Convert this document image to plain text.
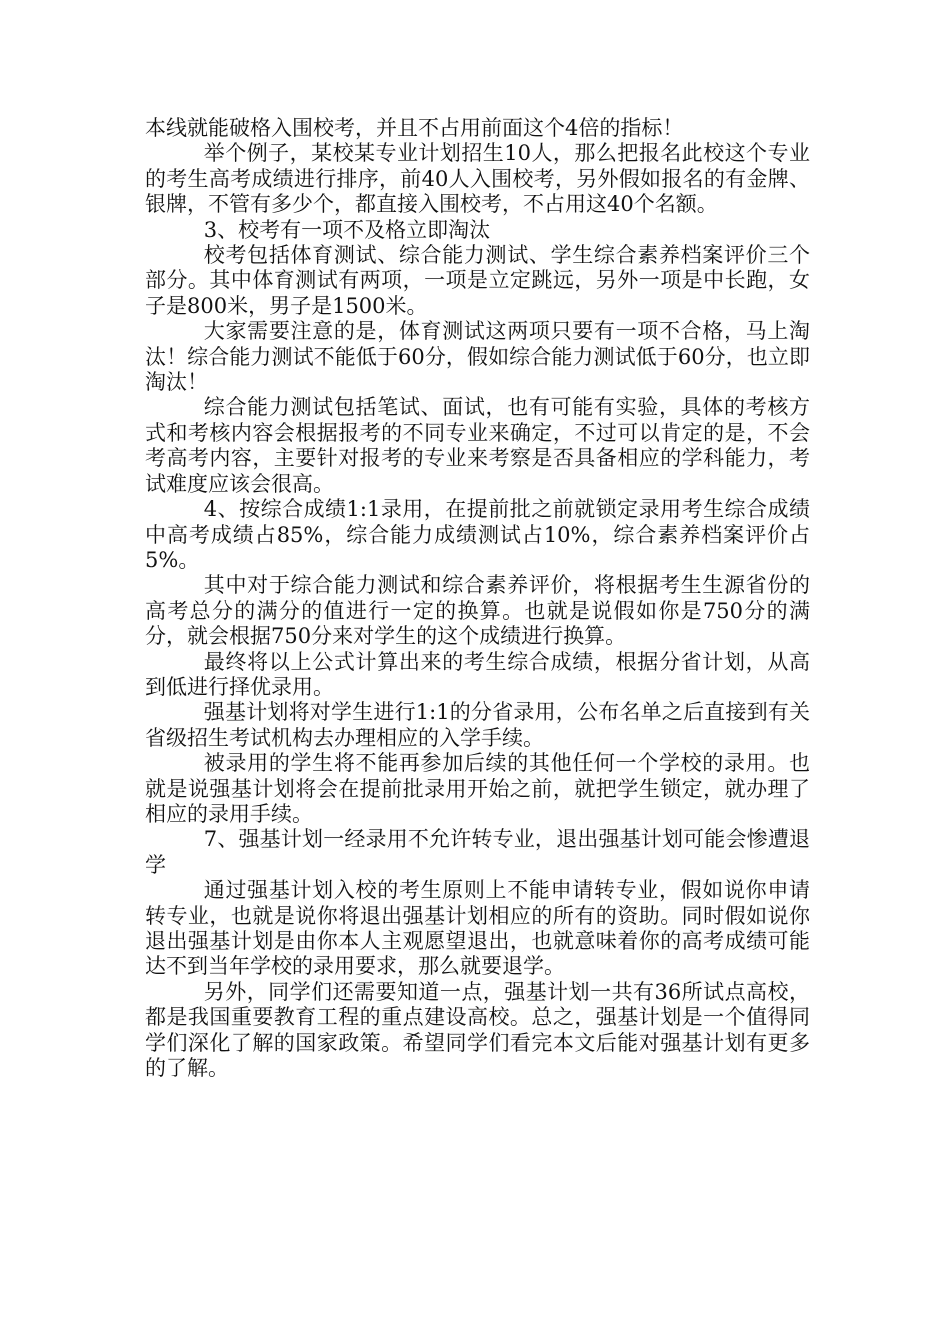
本线就能破格入围校考，并且不占用前面这个4倍的指标！

举个例子，某校某专业计划招生10人，那么把报名此校这个专业的考生高考成绩进行排序，前40人入围校考，另外假如报名的有金牌、银牌，不管有多少个，都直接入围校考，不占用这40个名额。

3、校考有一项不及格立即淘汰

校考包括体育测试、综合能力测试、学生综合素养档案评价三个部分。其中体育测试有两项，一项是立定跳远，另外一项是中长跑，女子是800米，男子是1500米。

大家需要注意的是，体育测试这两项只要有一项不合格，马上淘汰！综合能力测试不能低于60分，假如综合能力测试低于60分，也立即淘汰！

综合能力测试包括笔试、面试，也有可能有实验，具体的考核方式和考核内容会根据报考的不同专业来确定，不过可以肯定的是，不会考高考内容，主要针对报考的专业来考察是否具备相应的学科能力，考试难度应该会很高。

4、按综合成绩1:1录用，在提前批之前就锁定录用考生综合成绩中高考成绩占85%，综合能力成绩测试占10%，综合素养档案评价占5%。

其中对于综合能力测试和综合素养评价，将根据考生生源省份的高考总分的满分的值进行一定的换算。也就是说假如你是750分的满分，就会根据750分来对学生的这个成绩进行换算。

最终将以上公式计算出来的考生综合成绩，根据分省计划，从高到低进行择优录用。

强基计划将对学生进行1:1的分省录用，公布名单之后直接到有关省级招生考试机构去办理相应的入学手续。

被录用的学生将不能再参加后续的其他任何一个学校的录用。也就是说强基计划将会在提前批录用开始之前，就把学生锁定，就办理了相应的录用手续。

7、强基计划一经录用不允许转专业，退出强基计划可能会惨遭退学

通过强基计划入校的考生原则上不能申请转专业，假如说你申请转专业，也就是说你将退出强基计划相应的所有的资助。同时假如说你退出强基计划是由你本人主观愿望退出，也就意味着你的高考成绩可能达不到当年学校的录用要求，那么就要退学。

另外，同学们还需要知道一点，强基计划一共有36所试点高校，都是我国重要教育工程的重点建设高校。总之，强基计划是一个值得同学们深化了解的国家政策。希望同学们看完本文后能对强基计划有更多的了解。
